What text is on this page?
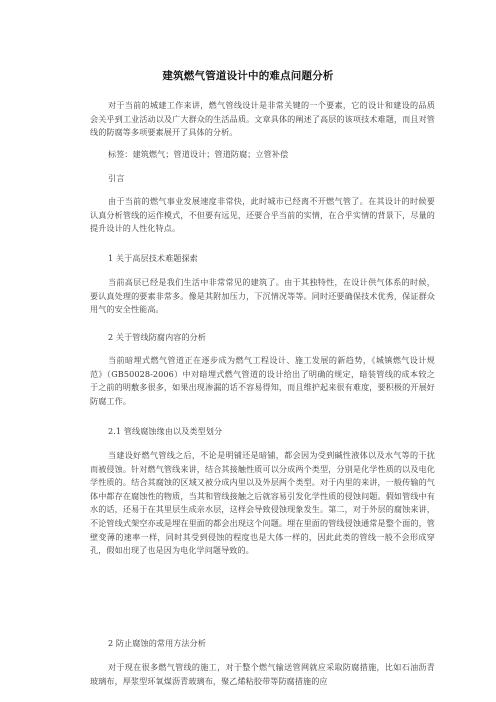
建筑燃气管道设计中的难点问题分析
对于当前的城建工作来讲，燃气管线设计是非常关键的一个要素，它的设计和建设的品质会关乎到工业活动以及广大群众的生活品质。文章具体的阐述了高层的该项技术难题，而且对管线的防腐等多项要素展开了具体的分析。
标签：建筑燃气；管道设计；管道防腐；立管补偿
引言
由于当前的燃气事业发展速度非常快，此时城市已经离不开燃气管了。在其设计的时候要认真分析管线的运作模式，不但要有远见，还要合乎当前的实情，在合乎实情的背景下，尽量的提升设计的人性化特点。
1 关于高层技术难题探索
当前高层已经是我们生活中非常常见的建筑了。由于其独特性，在设计供气体系的时候，要认真处理的要素非常多。像是其附加压力，下沉情况等等。同时还要确保技术优秀，保证群众用气的安全性能高。
2 关于管线防腐内容的分析
当前暗埋式燃气管道正在逐步成为燃气工程设计、施工发展的新趋势，《城镇燃气设计规范》（GB50028-2006）中对暗埋式燃气管道的设计给出了明确的规定，暗装管线的成本较之于之前的明敷多很多，如果出现渗漏的话不容易得知，而且维护起来很有难度，要积极的开展好防腐工作。
2.1 管线腐蚀缘由以及类型划分
当建设好燃气管线之后，不论是明铺还是暗铺，都会因为受到碱性液体以及水气等的干扰而被侵蚀。针对燃气管线来讲，结合其接触性质可以分成两个类型，分别是化学性质的以及电化学性质的。结合其腐蚀的区域又被分成内里以及外层两个类型。对于内里的来讲，一般传输的气体中都存在腐蚀性的物质，当其和管线接触之后就容易引发化学性质的侵蚀问题。假如管线中有水的话，还易于在其里层生成亲水层，这样会导致侵蚀现象发生。第二，对于外层的腐蚀来讲，不论管线式架空亦或是埋在里面的都会出现这个问题。埋在里面的管线侵蚀通常是整个面的，管壁变薄的速率一样，同时其受到侵蚀的程度也是大体一样的，因此此类的管线一般不会形成穿孔，假如出现了也是因为电化学问题导致的。
2 防止腐蚀的常用方法分析
对于现在很多燃气管线的施工，对于整个燃气输送管网就应采取防腐措施，比如石油沥青玻璃布，厚浆型环氧煤沥青玻璃布，聚乙烯粘胶带等防腐措施的应
